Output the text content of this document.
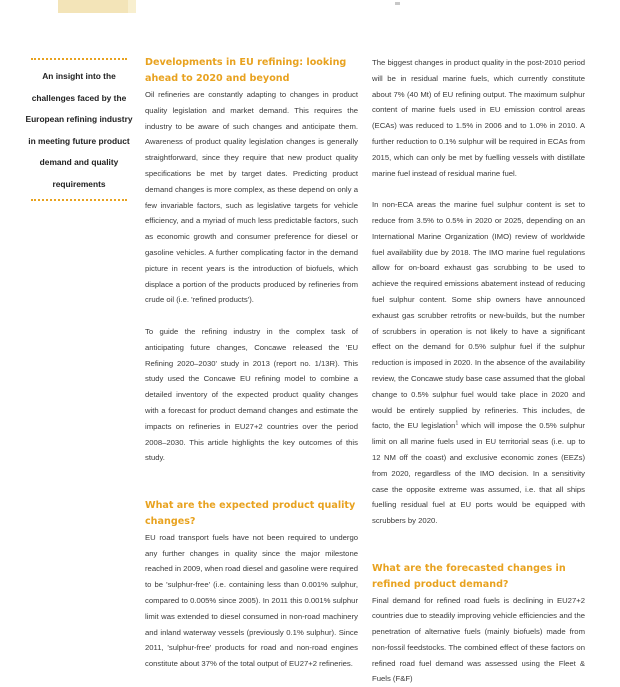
An insight into the challenges faced by the European refining industry in meeting future product demand and quality requirements
Developments in EU refining: looking ahead to 2020 and beyond

Oil refineries are constantly adapting to changes in product quality legislation and market demand. This requires the industry to be aware of such changes and anticipate them. Awareness of product quality legislation changes is generally straightforward, since they require that new product quality specifications be met by target dates. Predicting product demand changes is more complex, as these depend on only a few invariable factors, such as legislative targets for vehicle efficiency, and a myriad of much less predictable factors, such as economic growth and consumer preference for diesel or gasoline vehicles. A further complicating factor in the demand picture in recent years is the introduction of biofuels, which displace a portion of the products produced by refineries from crude oil (i.e. 'refined products').

To guide the refining industry in the complex task of anticipating future changes, Concawe released the 'EU Refining 2020–2030' study in 2013 (report no. 1/13R). This study used the Concawe EU refining model to combine a detailed inventory of the expected product quality changes with a forecast for product demand changes and estimate the impacts on refineries in EU27+2 countries over the period 2008–2030. This article highlights the key outcomes of this study.

What are the expected product quality changes?

EU road transport fuels have not been required to undergo any further changes in quality since the major milestone reached in 2009, when road diesel and gasoline were required to be 'sulphur-free' (i.e. containing less than 0.001% sulphur, compared to 0.005% since 2005). In 2011 this 0.001% sulphur limit was extended to diesel consumed in non-road machinery and inland waterway vessels (previously 0.1% sulphur). Since 2011, 'sulphur-free' products for road and non-road engines constitute about 37% of the total output of EU27+2 refineries.

The biggest changes in product quality in the post-2010 period will be in residual marine fuels, which currently constitute about 7% (40 Mt) of EU refining output. The maximum sulphur content of marine fuels used in EU emission control areas (ECAs) was reduced to 1.5% in 2006 and to 1.0% in 2010. A further reduction to 0.1% sulphur will be required in ECAs from 2015, which can only be met by fuelling vessels with distillate marine fuel instead of residual marine fuel.

In non-ECA areas the marine fuel sulphur content is set to reduce from 3.5% to 0.5% in 2020 or 2025, depending on an International Marine Organization (IMO) review of worldwide fuel availability due by 2018. The IMO marine fuel regulations allow for on-board exhaust gas scrubbing to be used to achieve the required emissions abatement instead of reducing fuel sulphur content. Some ship owners have announced exhaust gas scrubber retrofits or new-builds, but the number of scrubbers in operation is not likely to have a significant effect on the demand for 0.5% sulphur fuel if the sulphur reduction is imposed in 2020. In the absence of the availability review, the Concawe study base case assumed that the global change to 0.5% sulphur fuel would take place in 2020 and would be entirely supplied by refineries. This includes, de facto, the EU legislation$^1$ which will impose the 0.5% sulphur limit on all marine fuels used in EU territorial seas (i.e. up to 12 NM off the coast) and exclusive economic zones (EEZs) from 2020, regardless of the IMO decision. In a sensitivity case the opposite extreme was assumed, i.e. that all ships fuelling residual fuel at EU ports would be equipped with scrubbers by 2020.

What are the forecasted changes in refined product demand?

Final demand for refined road fuels is declining in EU27+2 countries due to steadily improving vehicle efficiencies and the penetration of alternative fuels (mainly biofuels) made from non-fossil feedstocks. The combined effect of these factors on refined road fuel demand was assessed using the Fleet & Fuels (F&F)
